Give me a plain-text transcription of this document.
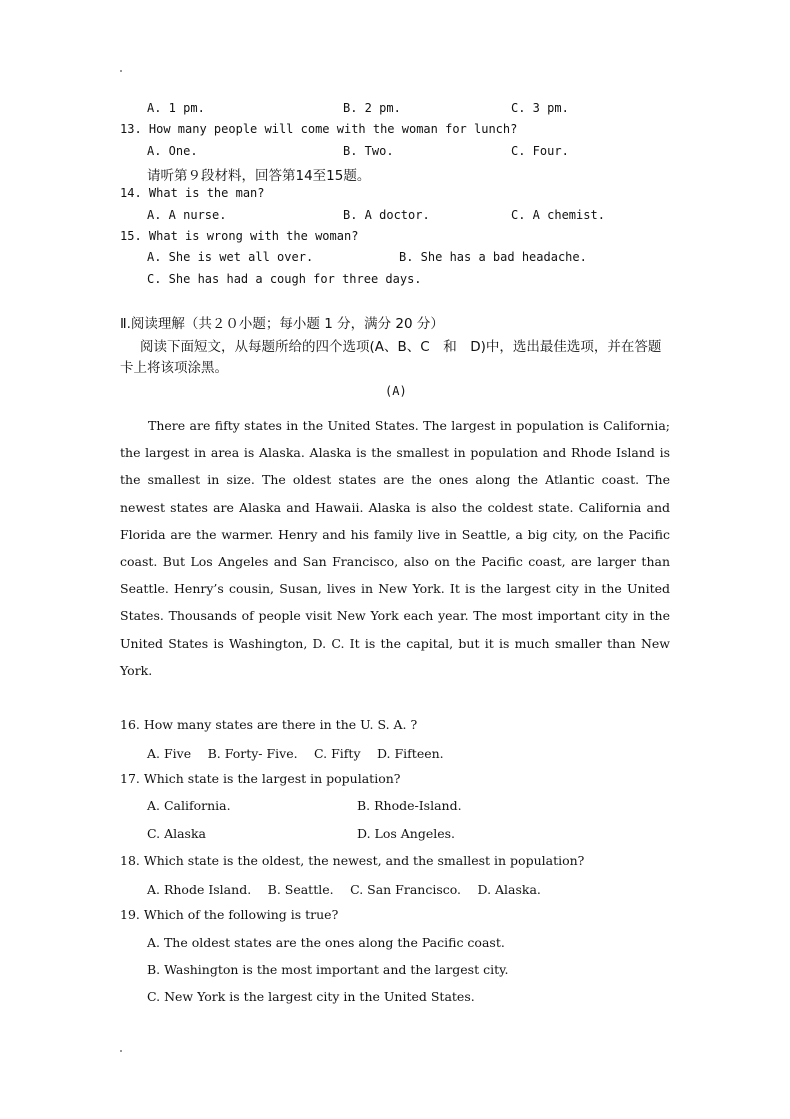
A. 1 pm.	B. 2 pm.	C. 3 pm.
13. How many people will come with the woman for lunch?
A. One.	B. Two.	C. Four.
请听第９段材料，回答第14至15题。
14. What is the man?
A. A nurse.	B. A doctor.	C. A chemist.
15. What is wrong with the woman?
A. She is wet all over.	B. She has a bad headache.
C. She has had a cough for three days.
Ⅱ.阅读理解（共２０小题；每小题 1 分，满分 20 分）
阅读下面短文，从每题所给的四个选项(A、B、C　和　D)中，选出最佳选项，并在答题
卡上将该项涂黑。
(A)
There are fifty states in the United States. The largest in population is California; the largest in area is Alaska. Alaska is the smallest in population and Rhode Island is the smallest in size. The oldest states are the ones along the Atlantic coast. The newest states are Alaska and Hawaii. Alaska is also the coldest state. California and Florida are the warmer. Henry and his family live in Seattle, a big city, on the Pacific coast. But Los Angeles and San Francisco, also on the Pacific coast, are larger than Seattle. Henry’s cousin, Susan, lives in New York. It is the largest city in the United States. Thousands of people visit New York each year. The most important city in the United States is Washington, D. C. It is the capital, but it is much smaller than New York.
16. How many states are there in the U. S. A. ?
A. Five　 B. Forty- Five.　 C. Fifty　 D. Fifteen.
17. Which state is the largest in population?
A. California.	B. Rhode-Island.
C. Alaska	D. Los Angeles.
18. Which state is the oldest, the newest, and the smallest in population?
A. Rhode Island.　 B. Seattle.　 C. San Francisco.　 D. Alaska.
19. Which of the following is true?
A. The oldest states are the ones along the Pacific coast.
B. Washington is the most important and the largest city.
C. New York is the largest city in the United States.
